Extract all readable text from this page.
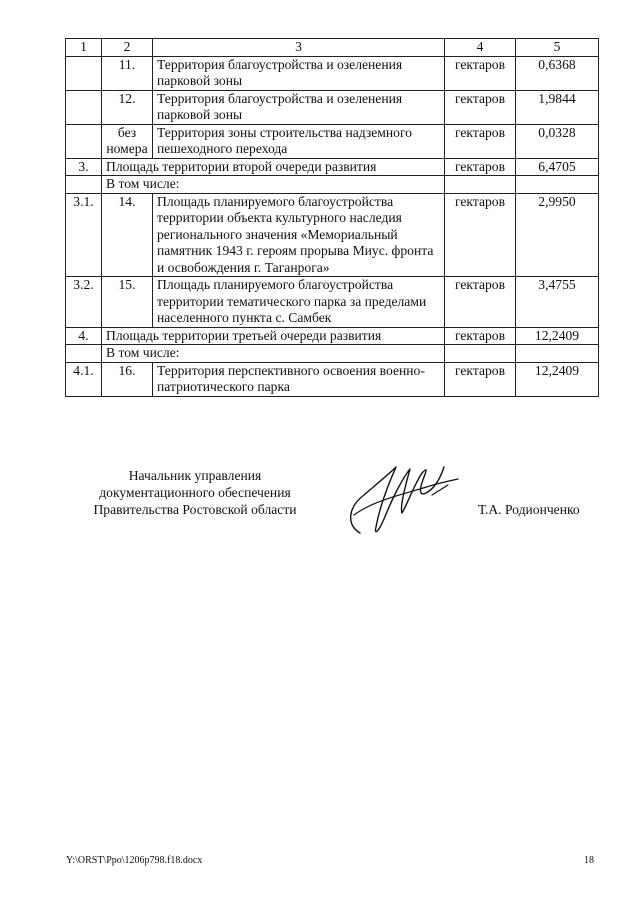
1	2	3	4	5
	11.	Территория благоустройства и озеленения парковой зоны	гектаров	0,6368
	12.	Территория благоустройства и озеленения парковой зоны	гектаров	1,9844
	без номера	Территория зоны строительства надземного пешеходного перехода	гектаров	0,0328
3.	Площадь территории второй очереди развития		гектаров	6,4705
	В том числе:			
3.1.	14.	Площадь планируемого благоустройства территории объекта культурного наследия регионального значения «Мемориальный памятник 1943 г. героям прорыва Миус. фронта и освобождения г. Таганрога»	гектаров	2,9950
3.2.	15.	Площадь планируемого благоустройства территории тематического парка за пределами населенного пункта с. Самбек	гектаров	3,4755
4.	Площадь территории третьей очереди развития		гектаров	12,2409
	В том числе:			
4.1.	16.	Территория перспективного освоения военно-патриотического парка	гектаров	12,2409
Начальник управления
документационного обеспечения
Правительства Ростовской области	Т.А. Родионченко
Y:\ORST\Ppo\1206p798.f18.docx	18
